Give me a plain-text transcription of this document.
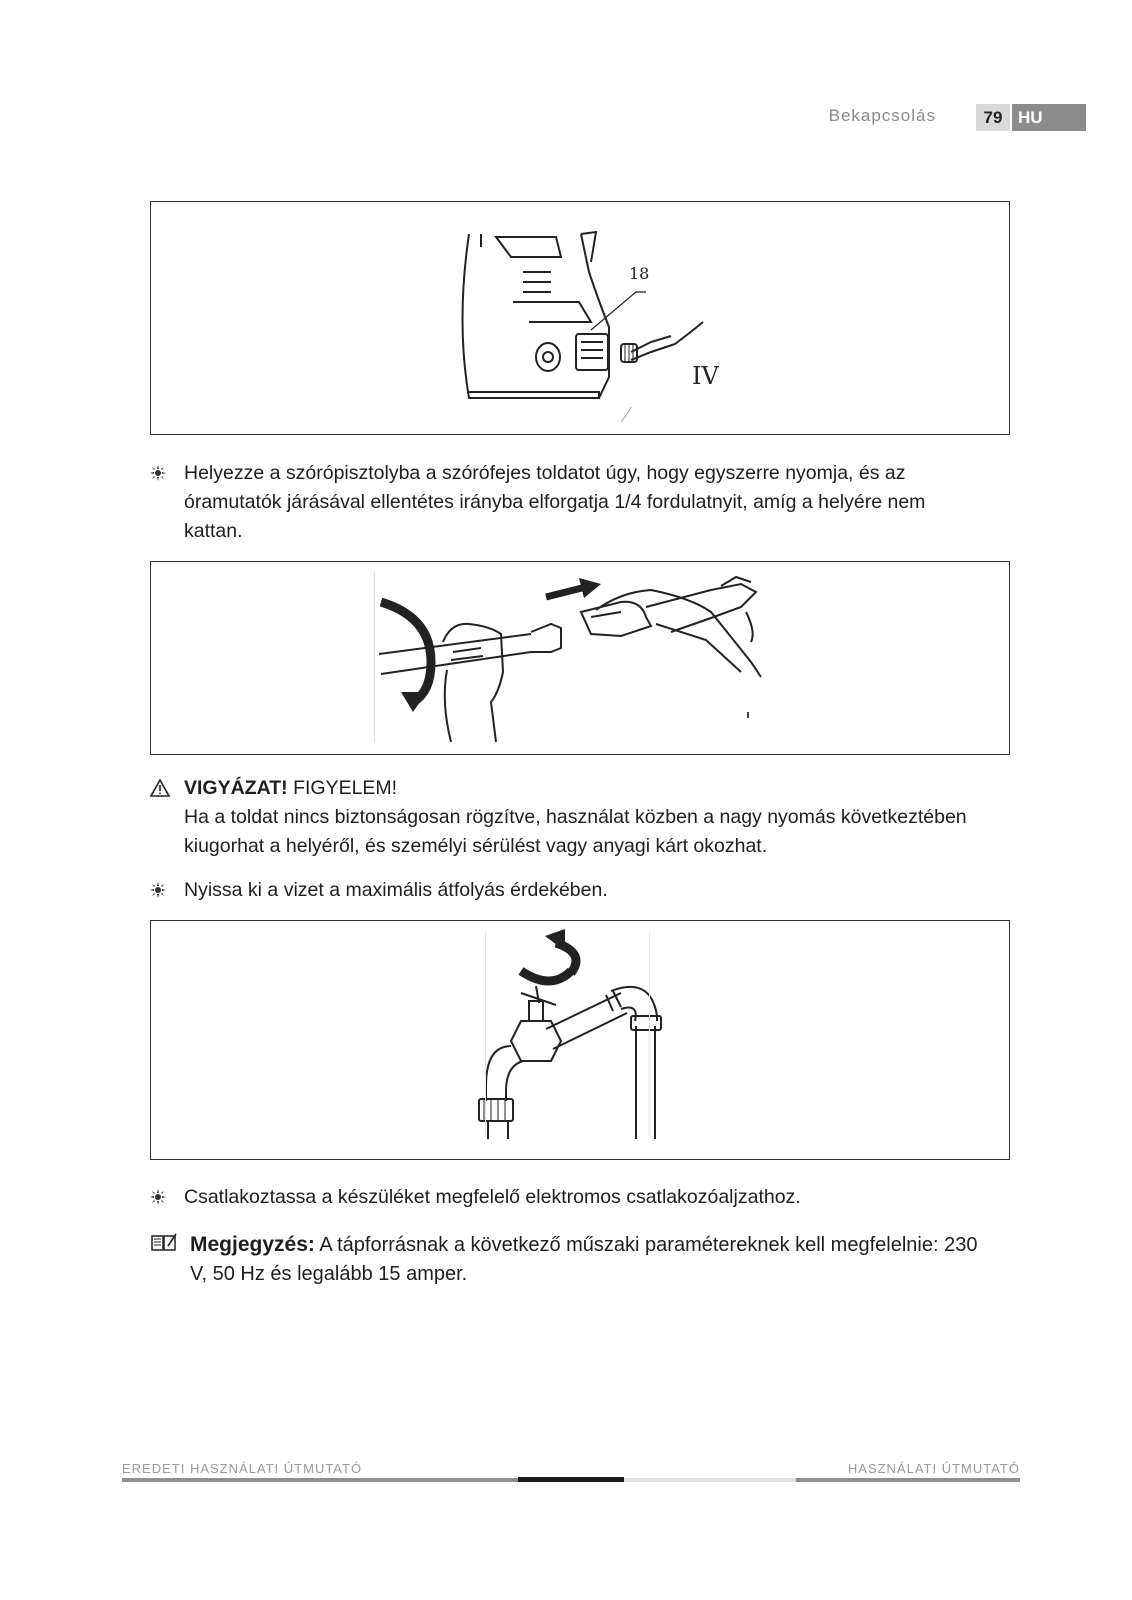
Bekapcsolás	79 HU
18
IV
Helyezze a szórópisztolyba a szórófejes toldatot úgy, hogy egyszerre nyomja, és az óramutatók járásával ellentétes irányba elforgatja 1/4 fordulatnyit, amíg a helyére nem kattan.
VIGYÁZAT! FIGYELEM!
Ha a toldat nincs biztonságosan rögzítve, használat közben a nagy nyomás következtében kiugorhat a helyéről, és személyi sérülést vagy anyagi kárt okozhat.
Nyissa ki a vizet a maximális átfolyás érdekében.
Csatlakoztassa a készüléket megfelelő elektromos csatlakozóaljzathoz.
Megjegyzés: A tápforrásnak a következő műszaki paramétereknek kell megfelelnie: 230 V, 50 Hz és legalább 15 amper.
EREDETI HASZNÁLATI ÚTMUTATÓ	HASZNÁLATI ÚTMUTATÓ
